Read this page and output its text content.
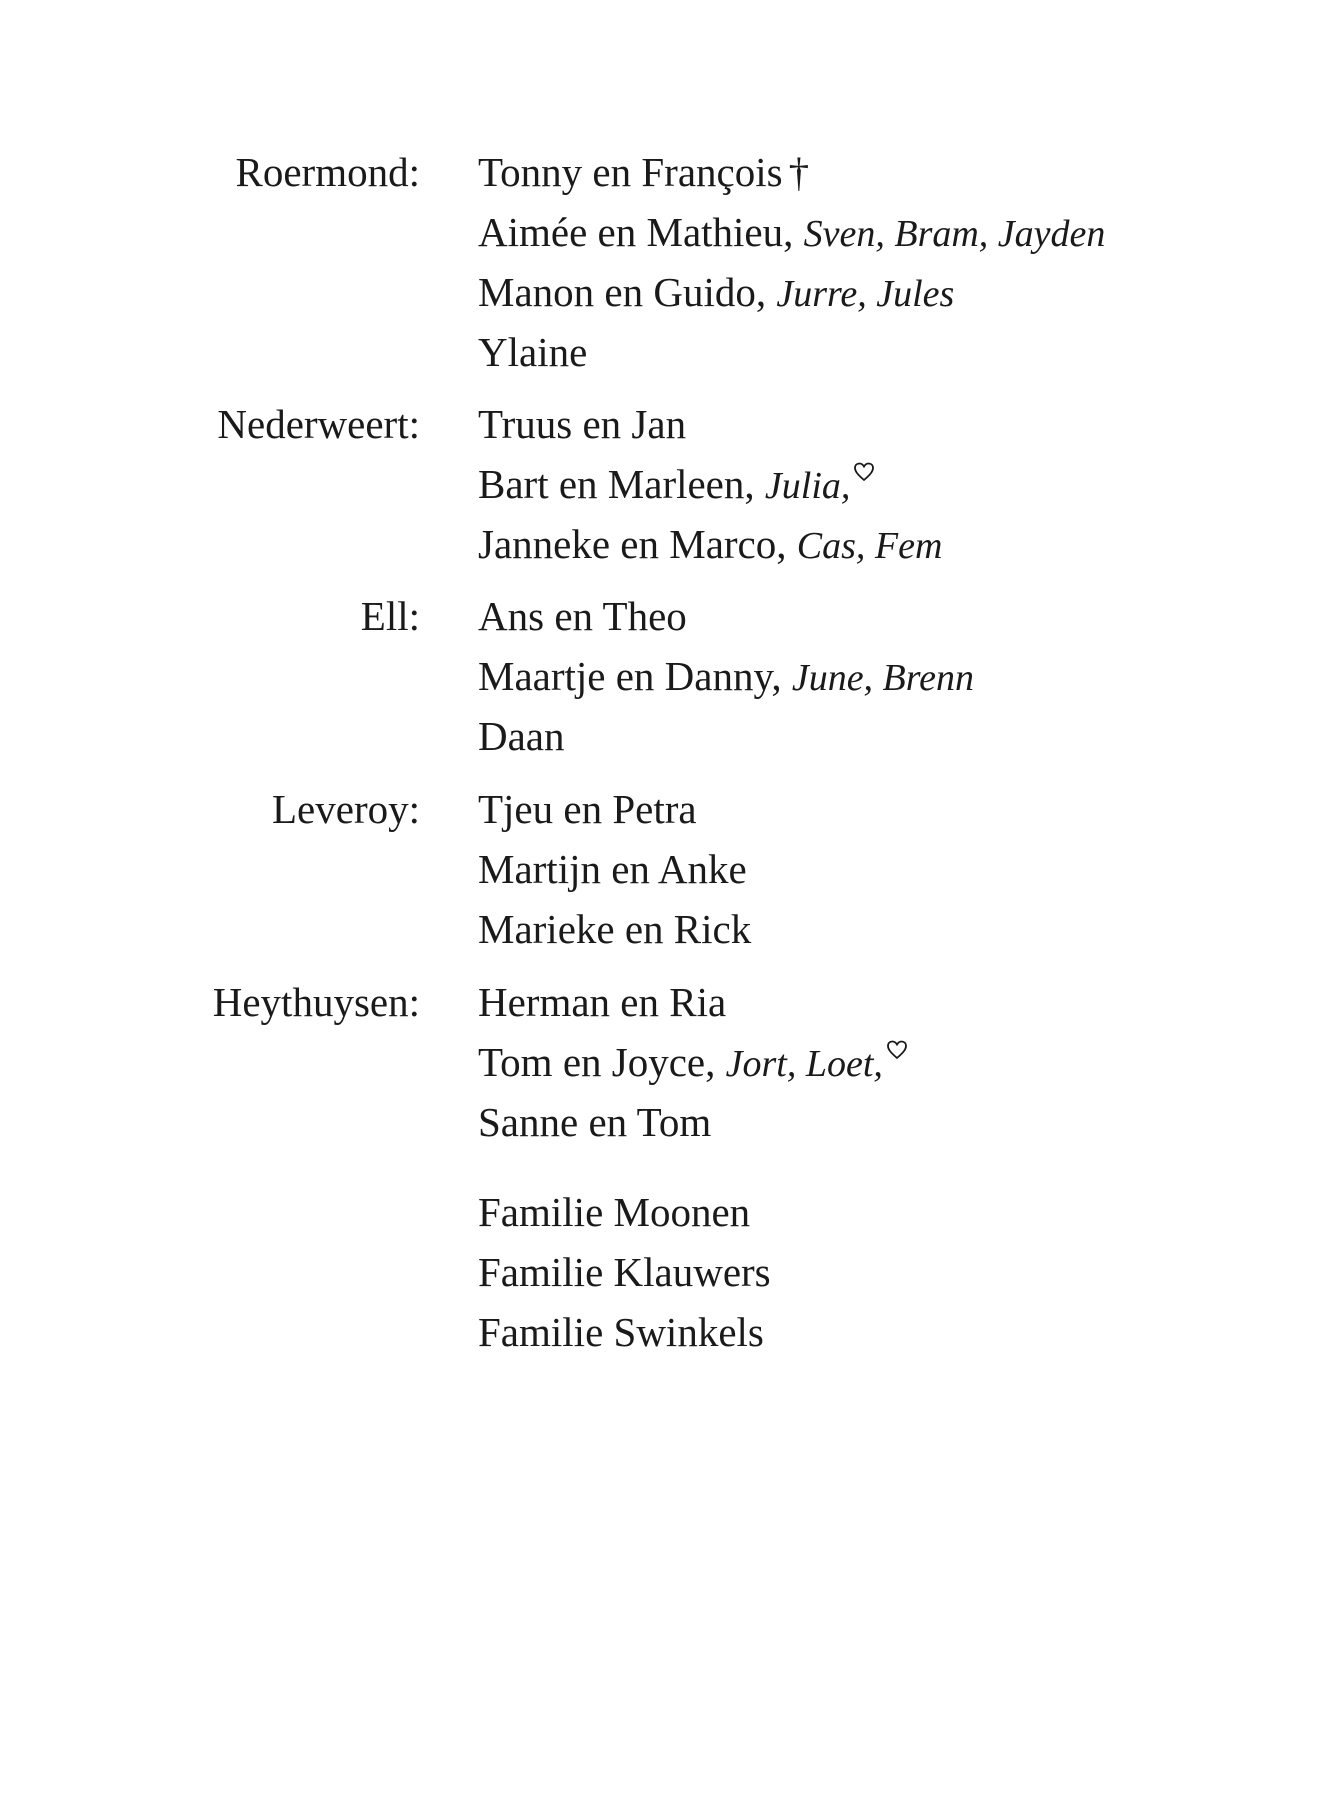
Roermond: Tonny en François †
Aimée en Mathieu, Sven, Bram, Jayden
Manon en Guido, Jurre, Jules
Ylaine
Nederweert: Truus en Jan
Bart en Marleen, Julia,
Janneke en Marco, Cas, Fem
Ell: Ans en Theo
Maartje en Danny, June, Brenn
Daan
Leveroy: Tjeu en Petra
Martijn en Anke
Marieke en Rick
Heythuysen: Herman en Ria
Tom en Joyce, Jort, Loet,
Sanne en Tom
Familie Moonen
Familie Klauwers
Familie Swinkels
